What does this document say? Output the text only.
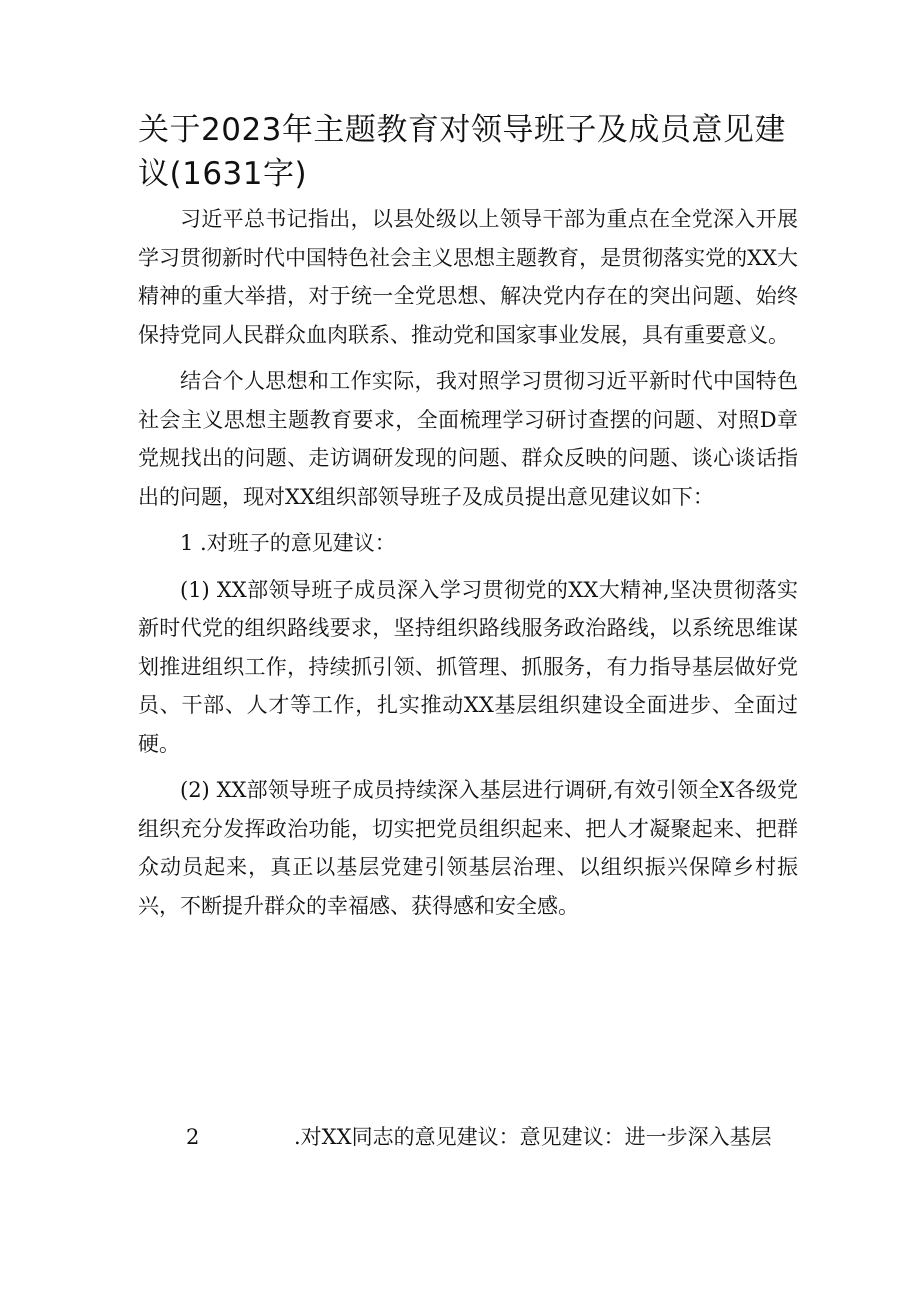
关于2023年主题教育对领导班子及成员意见建议(1631字)

习近平总书记指出，以县处级以上领导干部为重点在全党深入开展学习贯彻新时代中国特色社会主义思想主题教育，是贯彻落实党的XX大精神的重大举措，对于统一全党思想、解决党内存在的突出问题、始终保持党同人民群众血肉联系、推动党和国家事业发展，具有重要意义。

结合个人思想和工作实际，我对照学习贯彻习近平新时代中国特色社会主义思想主题教育要求，全面梳理学习研讨查摆的问题、对照D章党规找出的问题、走访调研发现的问题、群众反映的问题、谈心谈话指出的问题，现对XX组织部领导班子及成员提出意见建议如下：

1 .对班子的意见建议：

(1) XX部领导班子成员深入学习贯彻党的XX大精神,坚决贯彻落实新时代党的组织路线要求，坚持组织路线服务政治路线，以系统思维谋划推进组织工作，持续抓引领、抓管理、抓服务，有力指导基层做好党员、干部、人才等工作，扎实推动XX基层组织建设全面进步、全面过硬。

(2) XX部领导班子成员持续深入基层进行调研,有效引领全X各级党组织充分发挥政治功能，切实把党员组织起来、把人才凝聚起来、把群众动员起来，真正以基层党建引领基层治理、以组织振兴保障乡村振兴，不断提升群众的幸福感、获得感和安全感。

2	.对XX同志的意见建议：意见建议：进一步深入基层
